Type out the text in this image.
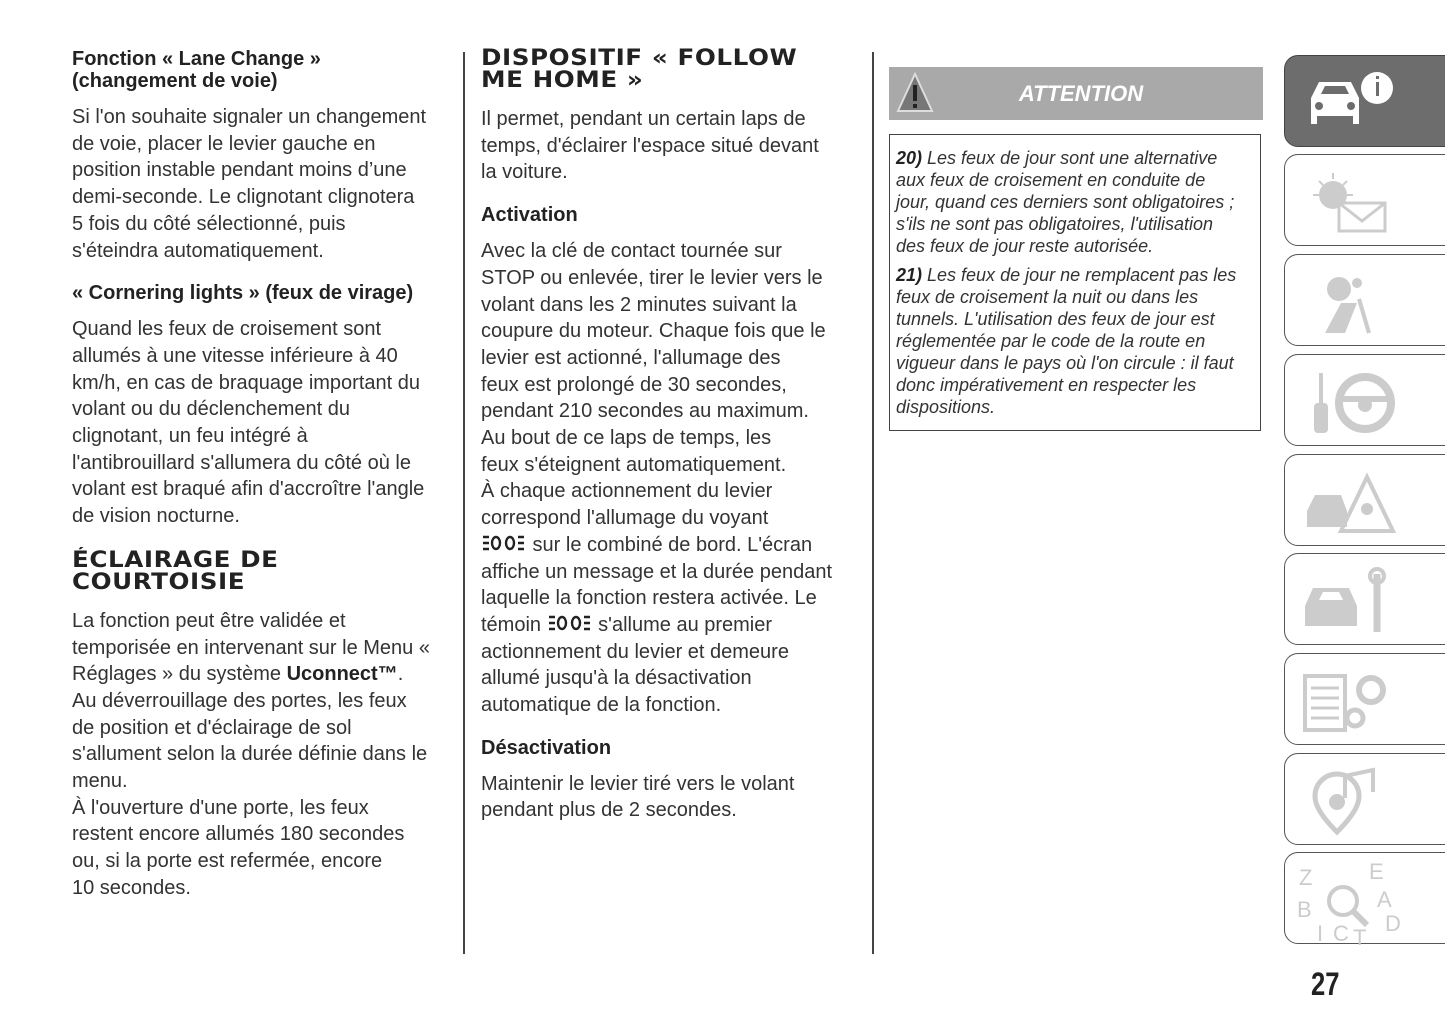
Fonction « Lane Change »
(changement de voie)

Si l'on souhaite signaler un changement
de voie, placer le levier gauche en
position instable pendant moins d’une
demi-seconde. Le clignotant clignotera
5 fois du côté sélectionné, puis
s'éteindra automatiquement.

« Cornering lights » (feux de virage)

Quand les feux de croisement sont
allumés à une vitesse inférieure à 40
km/h, en cas de braquage important du
volant ou du déclenchement du
clignotant, un feu intégré à
l'antibrouillard s'allumera du côté où le
volant est braqué afin d'accroître l'angle
de vision nocturne.

ÉCLAIRAGE DE
COURTOISIE

La fonction peut être validée et
temporisée en intervenant sur le Menu «
Réglages » du système Uconnect™.
Au déverrouillage des portes, les feux
de position et d'éclairage de sol
s'allument selon la durée définie dans le
menu.
À l'ouverture d'une porte, les feux
restent encore allumés 180 secondes
ou, si la porte est refermée, encore
10 secondes.

DISPOSITIF « FOLLOW
ME HOME »

Il permet, pendant un certain laps de
temps, d'éclairer l'espace situé devant
la voiture.

Activation

Avec la clé de contact tournée sur
STOP ou enlevée, tirer le levier vers le
volant dans les 2 minutes suivant la
coupure du moteur. Chaque fois que le
levier est actionné, l'allumage des
feux est prolongé de 30 secondes,
pendant 210 secondes au maximum.
Au bout de ce laps de temps, les
feux s'éteignent automatiquement.
À chaque actionnement du levier
correspond l'allumage du voyant
sur le combiné de bord. L'écran
affiche un message et la durée pendant
laquelle la fonction restera activée. Le
témoin	s'allume au premier
actionnement du levier et demeure
allumé jusqu'à la désactivation
automatique de la fonction.

Désactivation

Maintenir le levier tiré vers le volant
pendant plus de 2 secondes.

ATTENTION

20) Les feux de jour sont une alternative
aux feux de croisement en conduite de
jour, quand ces derniers sont obligatoires ;
s'ils ne sont pas obligatoires, l'utilisation
des feux de jour reste autorisée.

21) Les feux de jour ne remplacent pas les
feux de croisement la nuit ou dans les
tunnels. L'utilisation des feux de jour est
réglementée par le code de la route en
vigueur dans le pays où l'on circule : il faut
donc impérativement en respecter les
dispositions.

Z E B A D C T I
27
